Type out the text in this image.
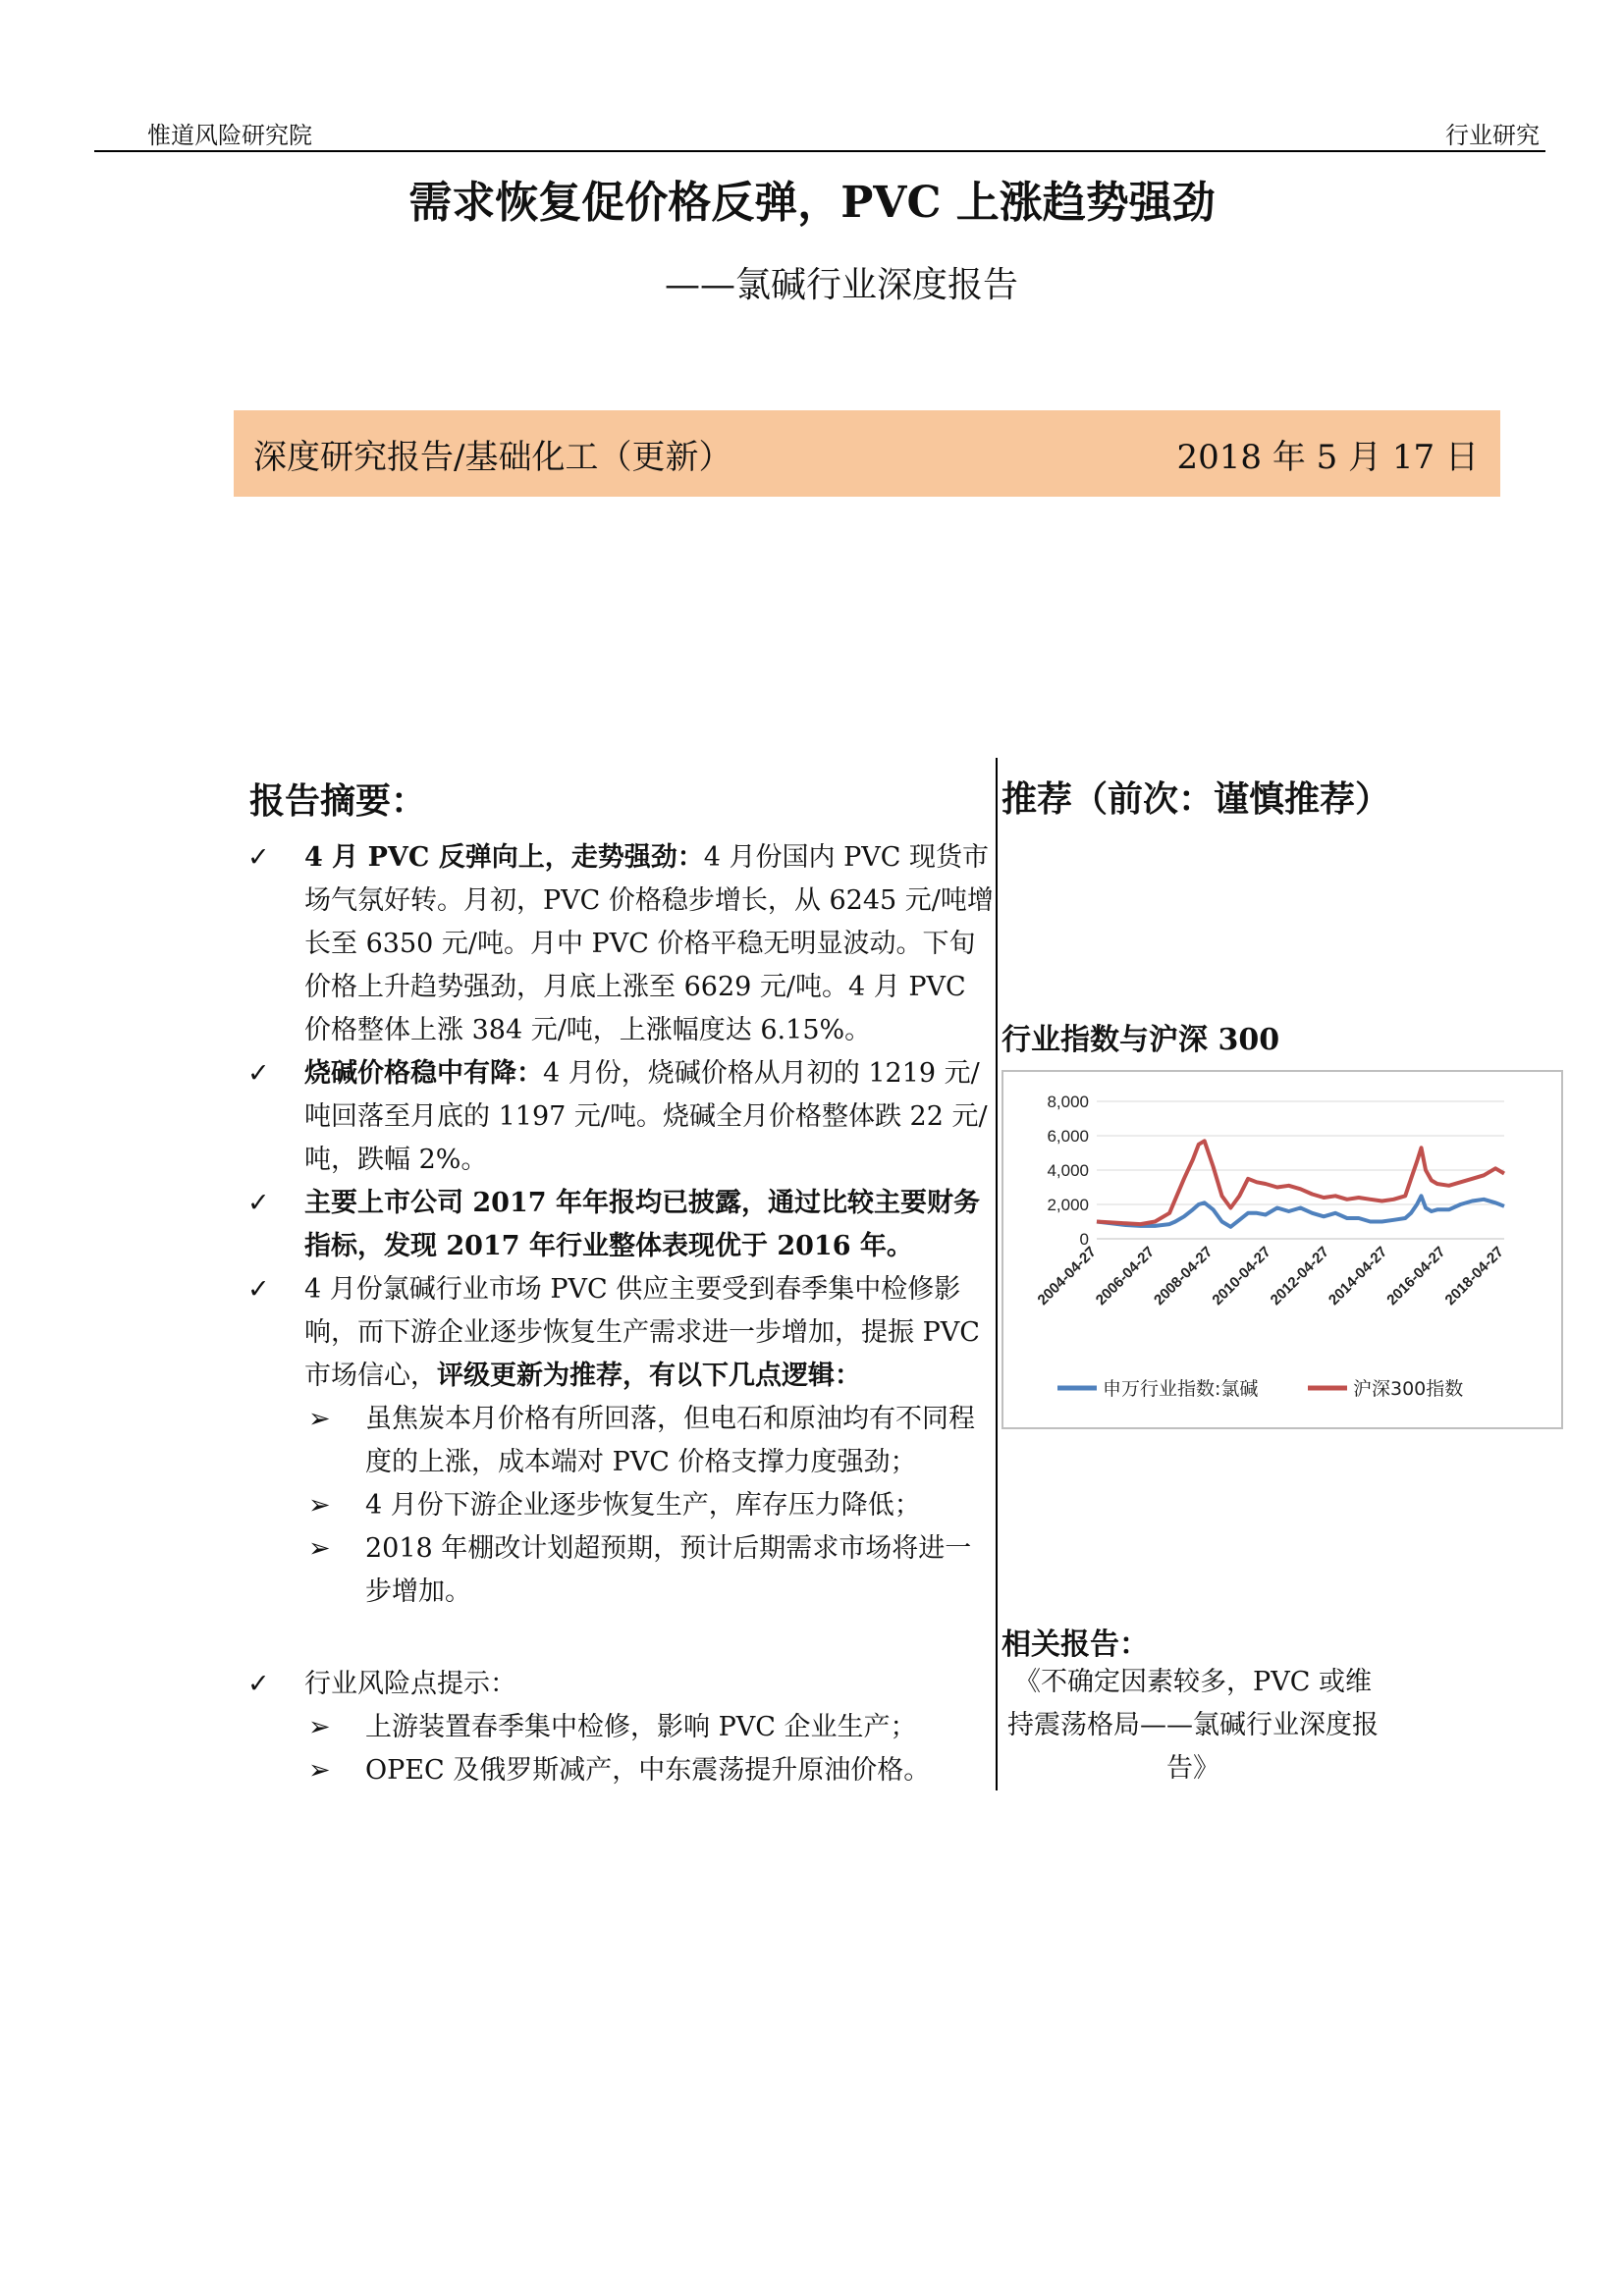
惟道风险研究院	行业研究
需求恢复促价格反弹，PVC 上涨趋势强劲
——氯碱行业深度报告
深度研究报告/基础化工（更新）	2018 年 5 月 17 日
报告摘要：
✓ 4 月 PVC 反弹向上，走势强劲：4 月份国内 PVC 现货市场气氛好转。月初，PVC 价格稳步增长，从 6245 元/吨增长至 6350 元/吨。月中 PVC 价格平稳无明显波动。下旬价格上升趋势强劲，月底上涨至 6629 元/吨。4 月 PVC 价格整体上涨 384 元/吨，上涨幅度达 6.15%。
✓ 烧碱价格稳中有降：4 月份，烧碱价格从月初的 1219 元/吨回落至月底的 1197 元/吨。烧碱全月价格整体跌 22 元/吨，跌幅 2%。
✓ 主要上市公司 2017 年年报均已披露，通过比较主要财务指标，发现 2017 年行业整体表现优于 2016 年。
✓ 4 月份氯碱行业市场 PVC 供应主要受到春季集中检修影响，而下游企业逐步恢复生产需求进一步增加，提振 PVC 市场信心，评级更新为推荐，有以下几点逻辑：
➢ 虽焦炭本月价格有所回落，但电石和原油均有不同程度的上涨，成本端对 PVC 价格支撑力度强劲；
➢ 4 月份下游企业逐步恢复生产，库存压力降低；
➢ 2018 年棚改计划超预期，预计后期需求市场将进一步增加。
✓ 行业风险点提示：
➢ 上游装置春季集中检修，影响 PVC 企业生产；
➢ OPEC 及俄罗斯减产，中东震荡提升原油价格。
推荐（前次：谨慎推荐）
行业指数与沪深 300
0
2,000
4,000
6,000
8,000
2004-04-27
2006-04-27
2008-04-27
2010-04-27
2012-04-27
2014-04-27
2016-04-27
2018-04-27
申万行业指数:氯碱	沪深300指数
相关报告：
《不确定因素较多，PVC 或维持震荡格局——氯碱行业深度报告》
